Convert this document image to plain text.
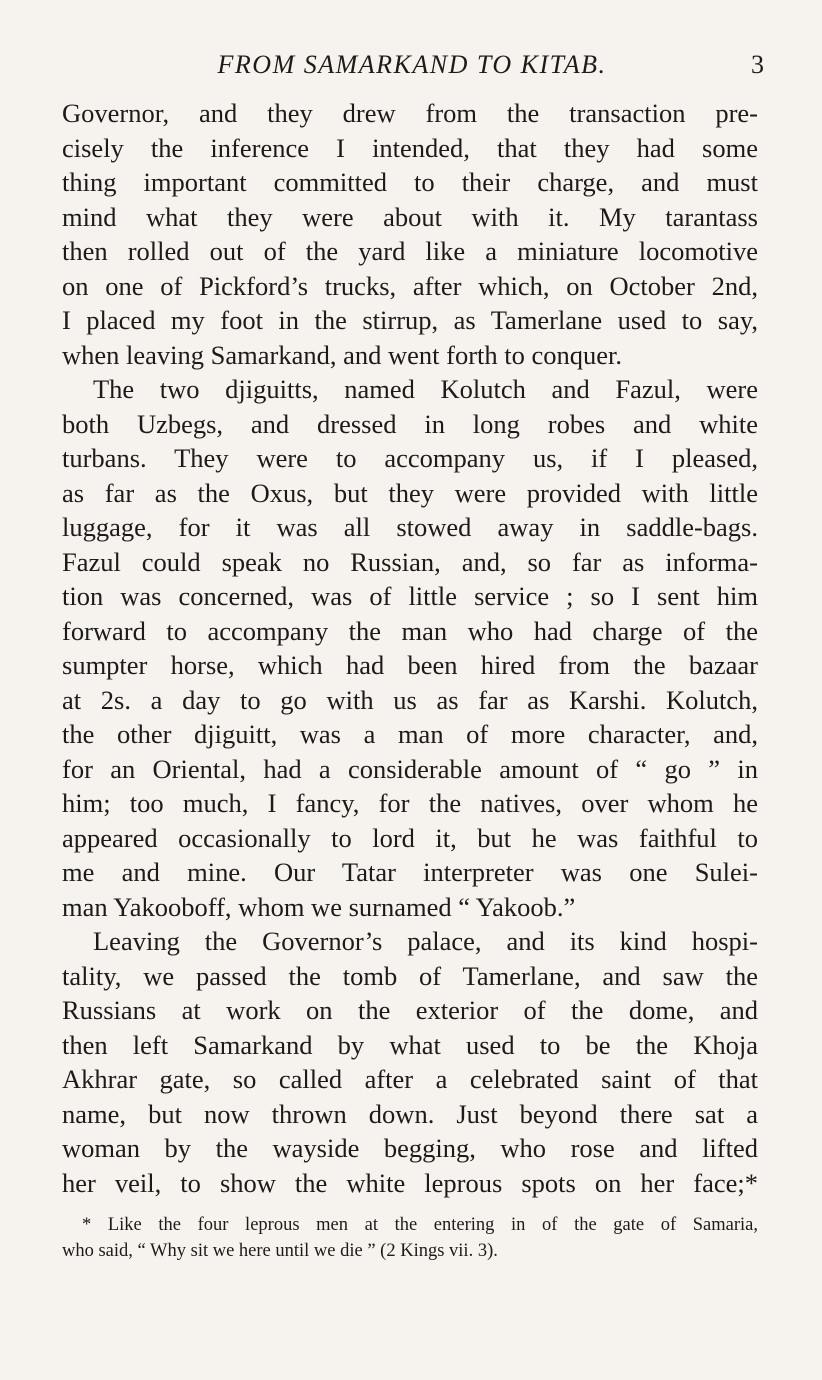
FROM SAMARKAND TO KITAB.	3
Governor, and they drew from the transaction pre-
cisely the inference I intended, that they had some
thing important committed to their charge, and must
mind what they were about with it. My tarantass
then rolled out of the yard like a miniature locomotive
on one of Pickford’s trucks, after which, on October 2nd,
I placed my foot in the stirrup, as Tamerlane used to say,
when leaving Samarkand, and went forth to conquer.
The two djiguitts, named Kolutch and Fazul, were
both Uzbegs, and dressed in long robes and white
turbans. They were to accompany us, if I pleased,
as far as the Oxus, but they were provided with little
luggage, for it was all stowed away in saddle-bags.
Fazul could speak no Russian, and, so far as informa-
tion was concerned, was of little service ; so I sent him
forward to accompany the man who had charge of the
sumpter horse, which had been hired from the bazaar
at 2s. a day to go with us as far as Karshi. Kolutch,
the other djiguitt, was a man of more character, and,
for an Oriental, had a considerable amount of “ go ” in
him; too much, I fancy, for the natives, over whom he
appeared occasionally to lord it, but he was faithful to
me and mine. Our Tatar interpreter was one Sulei-
man Yakooboff, whom we surnamed “ Yakoob.”
Leaving the Governor’s palace, and its kind hospi-
tality, we passed the tomb of Tamerlane, and saw the
Russians at work on the exterior of the dome, and
then left Samarkand by what used to be the Khoja
Akhrar gate, so called after a celebrated saint of that
name, but now thrown down. Just beyond there sat a
woman by the wayside begging, who rose and lifted
her veil, to show the white leprous spots on her face;*
* Like the four leprous men at the entering in of the gate of Samaria,
who said, “ Why sit we here until we die ” (2 Kings vii. 3).
